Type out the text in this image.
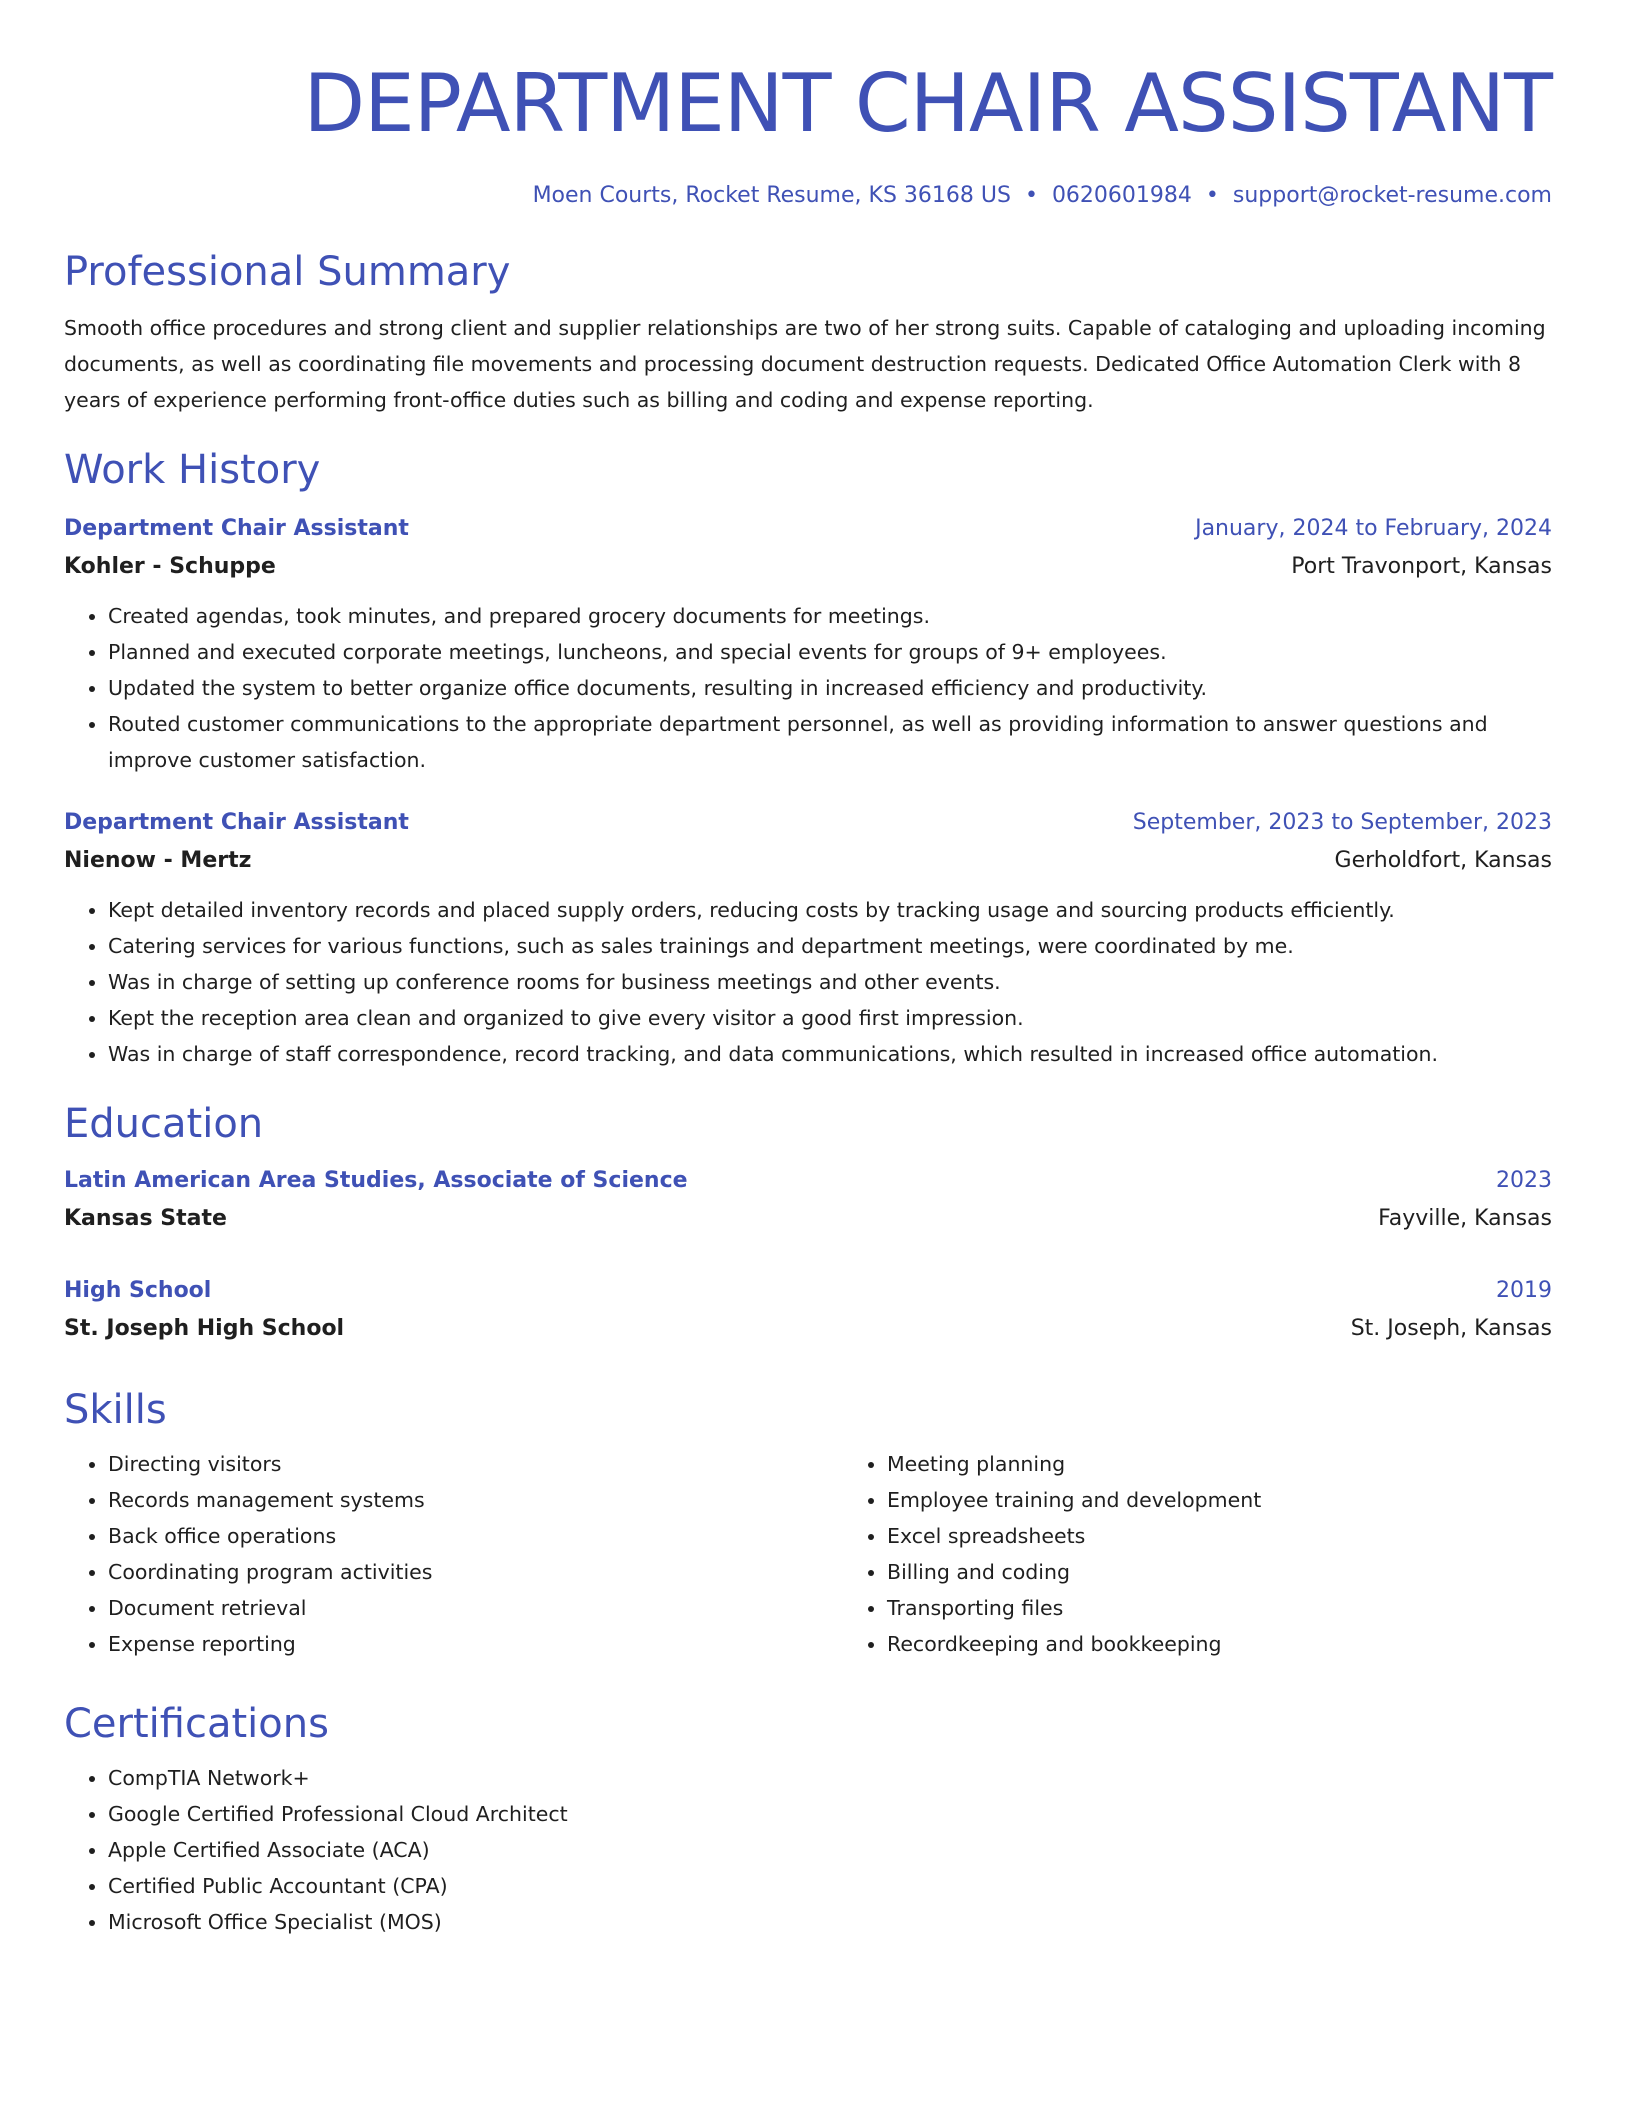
DEPARTMENT CHAIR ASSISTANT
Moen Courts, Rocket Resume, KS 36168 US • 0620601984 • support@rocket-resume.com
Professional Summary

Smooth office procedures and strong client and supplier relationships are two of her strong suits. Capable of cataloging and uploading incoming documents, as well as coordinating file movements and processing document destruction requests. Dedicated Office Automation Clerk with 8 years of experience performing front-office duties such as billing and coding and expense reporting.

Work History
Department Chair Assistant	January, 2024 to February, 2024
Kohler - Schuppe	Port Travonport, Kansas
• Created agendas, took minutes, and prepared grocery documents for meetings.
• Planned and executed corporate meetings, luncheons, and special events for groups of 9+ employees.
• Updated the system to better organize office documents, resulting in increased efficiency and productivity.
• Routed customer communications to the appropriate department personnel, as well as providing information to answer questions and improve customer satisfaction.
Department Chair Assistant	September, 2023 to September, 2023
Nienow - Mertz	Gerholdfort, Kansas
• Kept detailed inventory records and placed supply orders, reducing costs by tracking usage and sourcing products efficiently.
• Catering services for various functions, such as sales trainings and department meetings, were coordinated by me.
• Was in charge of setting up conference rooms for business meetings and other events.
• Kept the reception area clean and organized to give every visitor a good first impression.
• Was in charge of staff correspondence, record tracking, and data communications, which resulted in increased office automation.
Education
Latin American Area Studies, Associate of Science	2023
Kansas State	Fayville, Kansas
High School	2019
St. Joseph High School	St. Joseph, Kansas
Skills
• Directing visitors
• Records management systems
• Back office operations
• Coordinating program activities
• Document retrieval
• Expense reporting
• Meeting planning
• Employee training and development
• Excel spreadsheets
• Billing and coding
• Transporting files
• Recordkeeping and bookkeeping
Certifications
• CompTIA Network+
• Google Certified Professional Cloud Architect
• Apple Certified Associate (ACA)
• Certified Public Accountant (CPA)
• Microsoft Office Specialist (MOS)
